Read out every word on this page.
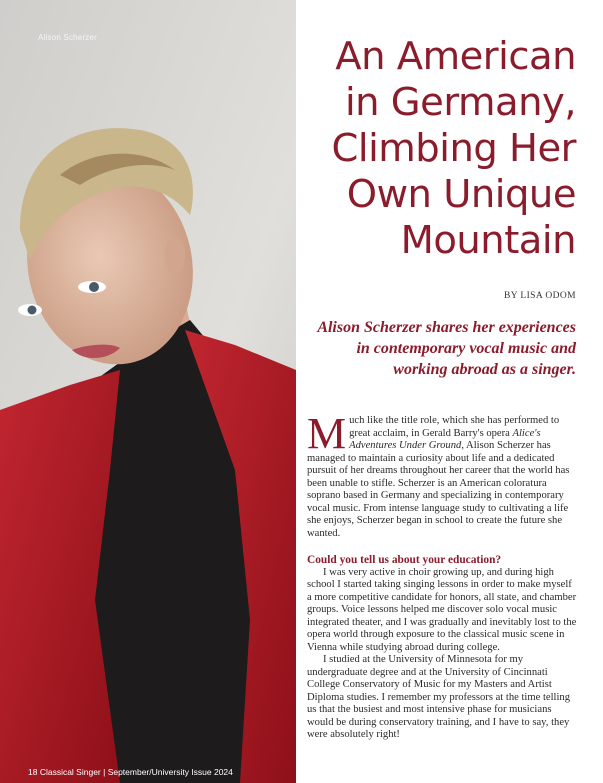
Alison Scherzer
18 Classical Singer | September/University Issue 2024
An American
in Germany,
Climbing Her
Own Unique
Mountain
BY LISA ODOM
Alison Scherzer shares her experiences
in contemporary vocal music and
working abroad as a singer.

Much like the title role, which she has performed to great acclaim, in Gerald Barry's opera Alice's Adventures Under Ground, Alison Scherzer has managed to maintain a curiosity about life and a dedicated pursuit of her dreams throughout her career that the world has been unable to stifle. Scherzer is an American coloratura soprano based in Germany and specializing in contemporary vocal music. From intense language study to cultivating a life she enjoys, Scherzer began in school to create the future she wanted.

Could you tell us about your education?

I was very active in choir growing up, and during high school I started taking singing lessons in order to make myself a more competitive candidate for honors, all state, and chamber groups. Voice lessons helped me discover solo vocal music integrated theater, and I was gradually and inevitably lost to the opera world through exposure to the classical music scene in Vienna while studying abroad during college.

I studied at the University of Minnesota for my undergraduate degree and at the University of Cincinnati College Conservatory of Music for my Masters and Artist Diploma studies. I remember my professors at the time telling us that the busiest and most intensive phase for musicians would be during conservatory training, and I have to say, they were absolutely right!
